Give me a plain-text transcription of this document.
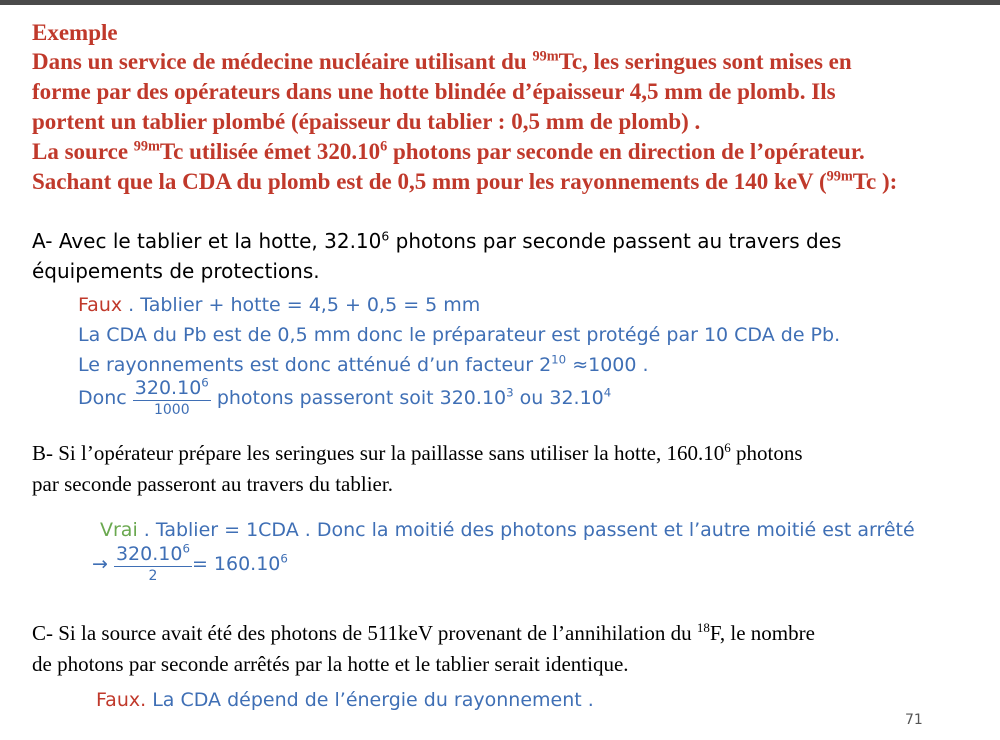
Exemple
Dans un service de médecine nucléaire utilisant du $^{99m}$Tc, les seringues sont mises en
forme par des opérateurs dans une hotte blindée d’épaisseur 4,5 mm de plomb. Ils
portent un tablier plombé (épaisseur du tablier : 0,5 mm de plomb) .
La source $^{99m}$Tc utilisée émet 320.10$^6$ photons par seconde en direction de l’opérateur.
Sachant que la CDA du plomb est de 0,5 mm pour les rayonnements de 140 keV ($^{99m}$Tc ):
A- Avec le tablier et la hotte, 32.10$^6$ photons par seconde passent au travers des
équipements de protections.
Faux . Tablier + hotte = 4,5 + 0,5 = 5 mm
La CDA du Pb est de 0,5 mm donc le préparateur est protégé par 10 CDA de Pb.
Le rayonnements est donc atténué d’un facteur $2^{10} \approx 1000$ .
Donc $\frac{320.10^6}{1000}$ photons passeront soit 320.10$^3$ ou 32.10$^4$
B- Si l’opérateur prépare les seringues sur la paillasse sans utiliser la hotte, 160.10$^6$ photons
par seconde passeront au travers du tablier.
Vrai . Tablier = 1CDA . Donc la moitié des photons passent et l’autre moitié est arrêté
→ $\frac{320.10^6}{2} = 160.10^6$
C- Si la source avait été des photons de 511keV provenant de l’annihilation du $^{18}$F, le nombre
de photons par seconde arrêtés par la hotte et le tablier serait identique.
Faux. La CDA dépend de l’énergie du rayonnement .
71
